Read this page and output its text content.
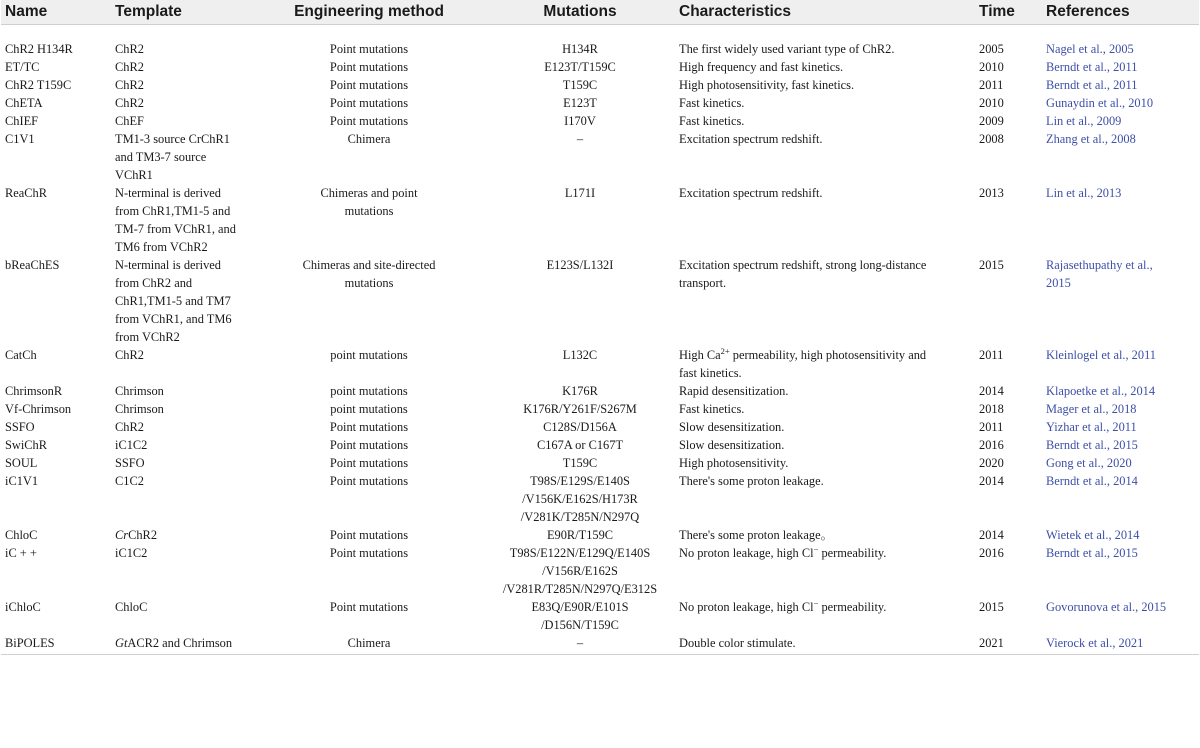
Name	Template	Engineering method	Mutations	Characteristics	Time	References
ChR2 H134R	ChR2	Point mutations	H134R	The first widely used variant type of ChR2.	2005	Nagel et al., 2005
ET/TC	ChR2	Point mutations	E123T/T159C	High frequency and fast kinetics.	2010	Berndt et al., 2011
ChR2 T159C	ChR2	Point mutations	T159C	High photosensitivity, fast kinetics.	2011	Berndt et al., 2011
ChETA	ChR2	Point mutations	E123T	Fast kinetics.	2010	Gunaydin et al., 2010
ChIEF	ChEF	Point mutations	I170V	Fast kinetics.	2009	Lin et al., 2009
C1V1	TM1-3 source CrChR1
and TM3-7 source
VChR1	Chimera	–	Excitation spectrum redshift.	2008	Zhang et al., 2008
ReaChR	N-terminal is derived
from ChR1,TM1-5 and
TM-7 from VChR1, and
TM6 from VChR2	Chimeras and point
mutations	L171I	Excitation spectrum redshift.	2013	Lin et al., 2013
bReaChES	N-terminal is derived
from ChR2 and
ChR1,TM1-5 and TM7
from VChR1, and TM6
from VChR2	Chimeras and site-directed
mutations	E123S/L132I	Excitation spectrum redshift, strong long-distance
transport.	2015	Rajasethupathy et al.,
2015
CatCh	ChR2	point mutations	L132C	High $Ca^{2+}$ permeability, high photosensitivity and
fast kinetics.	2011	Kleinlogel et al., 2011
ChrimsonR	Chrimson	point mutations	K176R	Rapid desensitization.	2014	Klapoetke et al., 2014
Vf-Chrimson	Chrimson	point mutations	K176R/Y261F/S267M	Fast kinetics.	2018	Mager et al., 2018
SSFO	ChR2	Point mutations	C128S/D156A	Slow desensitization.	2011	Yizhar et al., 2011
SwiChR	iC1C2	Point mutations	C167A or C167T	Slow desensitization.	2016	Berndt et al., 2015
SOUL	SSFO	Point mutations	T159C	High photosensitivity.	2020	Gong et al., 2020
iC1V1	C1C2	Point mutations	T98S/E129S/E140S
/V156K/E162S/H173R
/V281K/T285N/N297Q	There's some proton leakage.	2014	Berndt et al., 2014
ChloC	CrChR2	Point mutations	E90R/T159C	There's some proton leakage。	2014	Wietek et al., 2014
iC + +	iC1C2	Point mutations	T98S/E122N/E129Q/E140S
/V156R/E162S
/V281R/T285N/N297Q/E312S	No proton leakage, high Cl− permeability.	2016	Berndt et al., 2015
iChloC	ChloC	Point mutations	E83Q/E90R/E101S
/D156N/T159C	No proton leakage, high Cl− permeability.	2015	Govorunova et al., 2015
BiPOLES	GtACR2 and Chrimson	Chimera	–	Double color stimulate.	2021	Vierock et al., 2021
